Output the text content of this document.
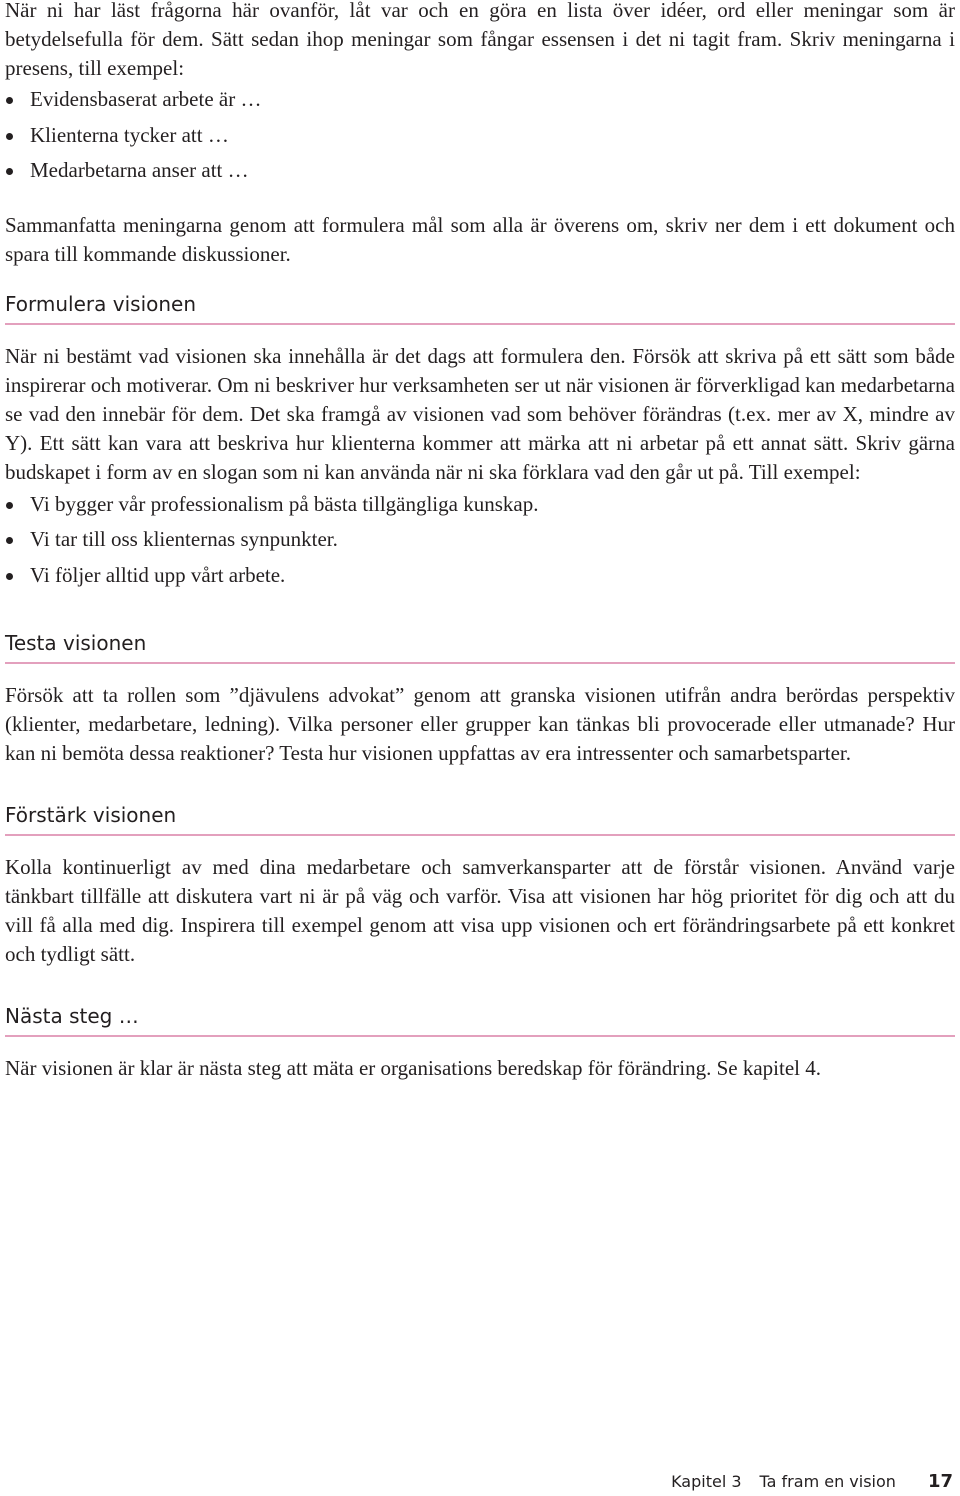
När ni har läst frågorna här ovanför, låt var och en göra en lista över idéer, ord eller meningar som är betydelsefulla för dem. Sätt sedan ihop meningar som fångar essensen i det ni tagit fram. Skriv meningarna i presens, till exempel:

Evidensbaserat arbete är …
Klienterna tycker att …
Medarbetarna anser att …

Sammanfatta meningarna genom att formulera mål som alla är överens om, skriv ner dem i ett dokument och spara till kommande diskussioner.

Formulera visionen

När ni bestämt vad visionen ska innehålla är det dags att formulera den. Försök att skriva på ett sätt som både inspirerar och motiverar. Om ni beskriver hur verksamheten ser ut när visionen är förverkligad kan medarbetarna se vad den innebär för dem. Det ska framgå av visionen vad som behöver förändras (t.ex. mer av X, mindre av Y). Ett sätt kan vara att beskriva hur klienterna kommer att märka att ni arbetar på ett annat sätt. Skriv gärna budskapet i form av en slogan som ni kan använda när ni ska förklara vad den går ut på. Till exempel:

Vi bygger vår professionalism på bästa tillgängliga kunskap.
Vi tar till oss klienternas synpunkter.
Vi följer alltid upp vårt arbete.
Testa visionen

Försök att ta rollen som ”djävulens advokat” genom att granska visionen utifrån andra berördas perspektiv (klienter, medarbetare, ledning). Vilka personer eller grupper kan tänkas bli provocerade eller utmanade? Hur kan ni bemöta dessa reaktioner? Testa hur visionen uppfattas av era intressenter och samarbetsparter.

Förstärk visionen

Kolla kontinuerligt av med dina medarbetare och samverkansparter att de förstår visionen. Använd varje tänkbart tillfälle att diskutera vart ni är på väg och varför. Visa att visionen har hög prioritet för dig och att du vill få alla med dig. Inspirera till exempel genom att visa upp visionen och ert förändringsarbete på ett konkret och tydligt sätt.

Nästa steg …

När visionen är klar är nästa steg att mäta er organisations beredskap för förändring. Se kapitel 4.

Kapitel 3 Ta fram en vision 17
